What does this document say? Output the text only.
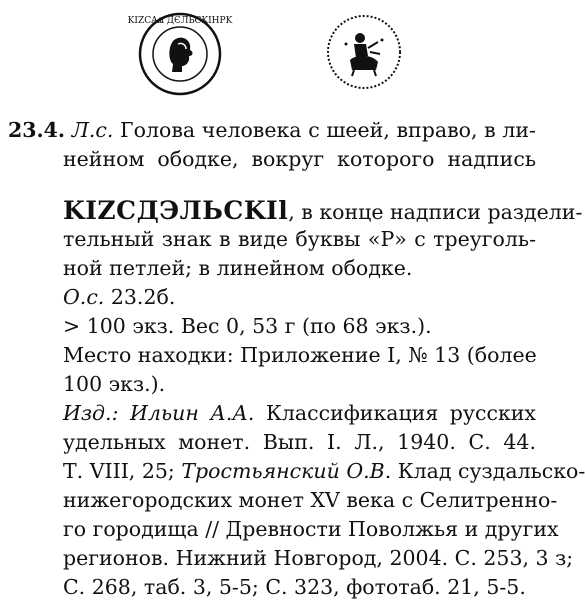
KIZCAⰮ ДЄЛЬCKIHPK
23.4. Л.с. Голова человека с шеей, вправо, в ли-
нейном ободке, вокруг которого надпись
KIZCДЭЛЬCKIl, в конце надписи раздели-
тельный знак в виде буквы «Р» с треуголь-
ной петлей; в линейном ободке.
О.с. 23.2б.
> 100 экз. Вес 0, 53 г (по 68 экз.).
Место находки: Приложение I, № 13 (более
100 экз.).
Изд.: Ильин А.А. Классификация русских
удельных монет. Вып. I. Л., 1940. С. 44.
Т. VIII, 25; Тростьянский О.В. Клад суздальско-
нижегородских монет XV века с Селитренно-
го городища // Древности Поволжья и других
регионов. Нижний Новгород, 2004. С. 253, 3 з;
С. 268, таб. 3, 5-5; С. 323, фототаб. 21, 5-5.
